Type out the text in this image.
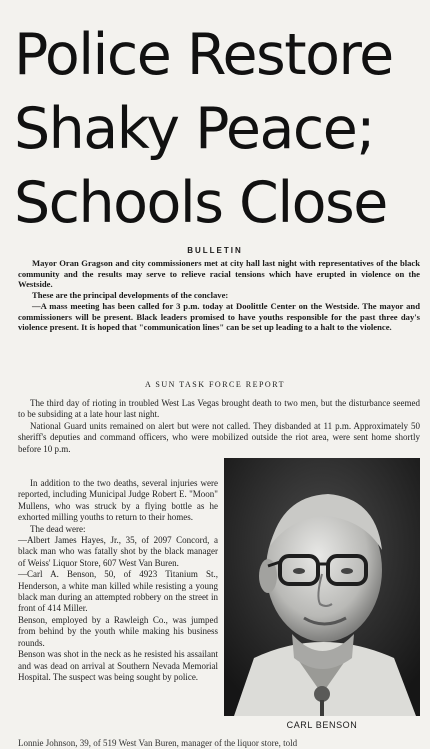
Police Restore
Shaky Peace;
Schools Close
BULLETIN

Mayor Oran Gragson and city commissioners met at city hall last night with representatives of the black community and the results may serve to relieve racial tensions which have erupted in violence on the Westside.

These are the principal developments of the conclave:

—A mass meeting has been called for 3 p.m. today at Doolittle Center on the Westside. The mayor and commissioners will be present. Black leaders promised to have youths responsible for the past three day's violence present. It is hoped that "communication lines" can be set up leading to a halt to the violence.

A SUN TASK FORCE REPORT

The third day of rioting in troubled West Las Vegas brought death to two men, but the disturbance seemed to be subsiding at a late hour last night.

National Guard units remained on alert but were not called. They disbanded at 11 p.m. Approximately 50 sheriff's deputies and command officers, who were mobilized outside the riot area, were sent home shortly before 10 p.m.

In addition to the two deaths, several injuries were reported, including Municipal Judge Robert E. "Moon" Mullens, who was struck by a flying bottle as he exhorted milling youths to return to their homes.

The dead were:

—Albert James Hayes, Jr., 35, of 2097 Concord, a black man who was fatally shot by the black manager of Weiss' Liquor Store, 607 West Van Buren.

—Carl A. Benson, 50, of 4923 Titanium St., Henderson, a white man killed while resisting a young black man during an attempted robbery on the street in front of 414 Miller.

Benson, employed by a Rawleigh Co., was jumped from behind by the youth while making his business rounds.

Benson was shot in the neck as he resisted his assailant and was dead on arrival at Southern Nevada Memorial Hospital. The suspect was being sought by police.

CARL BENSON
Lonnie Johnson, 39, of 519 West Van Buren, manager of the liquor store, told
